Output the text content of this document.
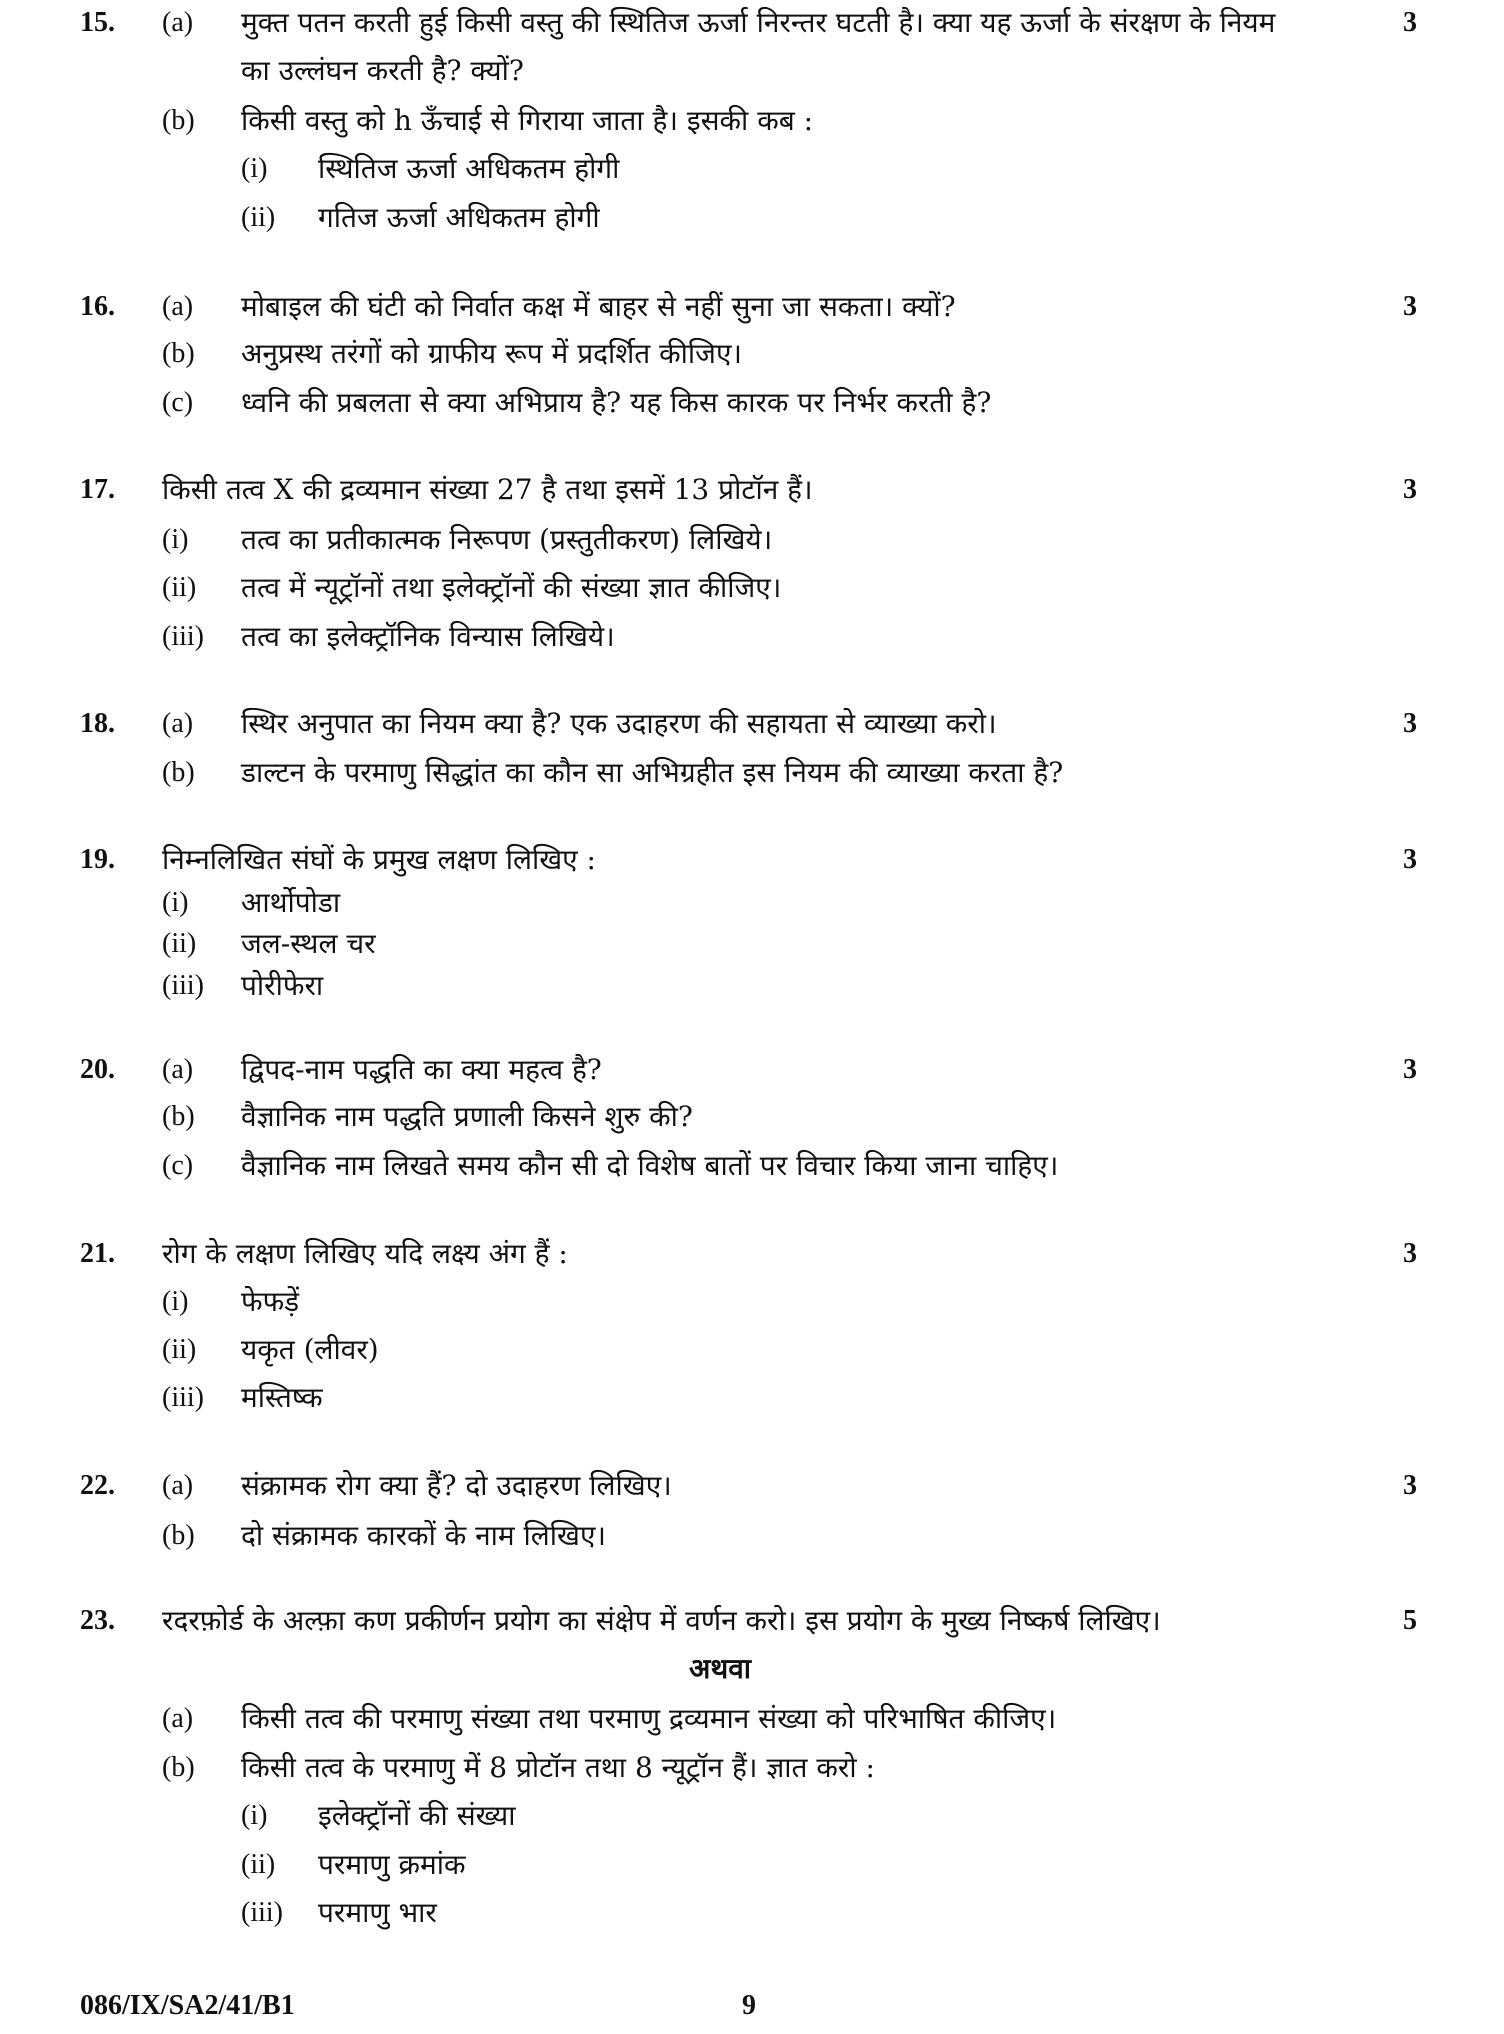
15. (a) मुक्त पतन करती हुई किसी वस्तु की स्थितिज ऊर्जा निरन्तर घटती है। क्या यह ऊर्जा के संरक्षण के नियम	3
का उल्लंघन करती है? क्यों?
(b) किसी वस्तु को h ऊँचाई से गिराया जाता है। इसकी कब :
(i) स्थितिज ऊर्जा अधिकतम होगी
(ii) गतिज ऊर्जा अधिकतम होगी
16. (a) मोबाइल की घंटी को निर्वात कक्ष में बाहर से नहीं सुना जा सकता। क्यों?	3
(b) अनुप्रस्थ तरंगों को ग्राफीय रूप में प्रदर्शित कीजिए।
(c) ध्वनि की प्रबलता से क्या अभिप्राय है? यह किस कारक पर निर्भर करती है?
17. किसी तत्व X की द्रव्यमान संख्या 27 है तथा इसमें 13 प्रोटॉन हैं।	3
(i) तत्व का प्रतीकात्मक निरूपण (प्रस्तुतीकरण) लिखिये।
(ii) तत्व में न्यूट्रॉनों तथा इलेक्ट्रॉनों की संख्या ज्ञात कीजिए।
(iii) तत्व का इलेक्ट्रॉनिक विन्यास लिखिये।
18. (a) स्थिर अनुपात का नियम क्या है? एक उदाहरण की सहायता से व्याख्या करो।	3
(b) डाल्टन के परमाणु सिद्धांत का कौन सा अभिग्रहीत इस नियम की व्याख्या करता है?
19. निम्नलिखित संघों के प्रमुख लक्षण लिखिए :	3
(i) आर्थोपोडा
(ii) जल-स्थल चर
(iii) पोरीफेरा
20. (a) द्विपद-नाम पद्धति का क्या महत्व है?	3
(b) वैज्ञानिक नाम पद्धति प्रणाली किसने शुरु की?
(c) वैज्ञानिक नाम लिखते समय कौन सी दो विशेष बातों पर विचार किया जाना चाहिए।
21. रोग के लक्षण लिखिए यदि लक्ष्य अंग हैं :	3
(i) फेफड़ें
(ii) यकृत (लीवर)
(iii) मस्तिष्क
22. (a) संक्रामक रोग क्या हैं? दो उदाहरण लिखिए।	3
(b) दो संक्रामक कारकों के नाम लिखिए।
23. रदरफ़ोर्ड के अल्फ़ा कण प्रकीर्णन प्रयोग का संक्षेप में वर्णन करो। इस प्रयोग के मुख्य निष्कर्ष लिखिए।	5
अथवा
(a) किसी तत्व की परमाणु संख्या तथा परमाणु द्रव्यमान संख्या को परिभाषित कीजिए।
(b) किसी तत्व के परमाणु में 8 प्रोटॉन तथा 8 न्यूट्रॉन हैं। ज्ञात करो :
(i) इलेक्ट्रॉनों की संख्या
(ii) परमाणु क्रमांक
(iii) परमाणु भार
086/IX/SA2/41/B1	9
